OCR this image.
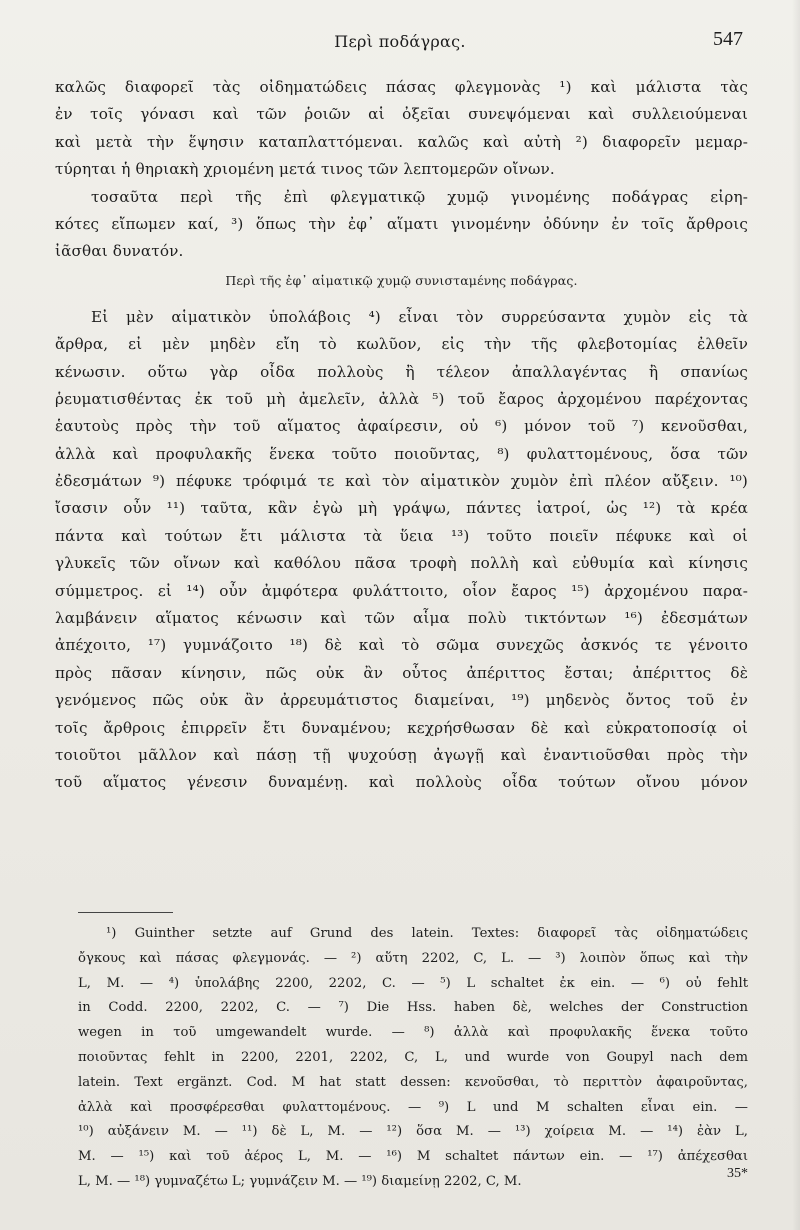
Περὶ ποδάγρας.	547
καλῶς διαφορεῖ τὰς οἰδηματώδεις πάσας φλεγμονὰς ¹) καὶ μάλιστα τὰς
ἐν τοῖς γόνασι καὶ τῶν ῥοιῶν αἱ ὀξεῖαι συνεψόμεναι καὶ συλλειούμεναι
καὶ μετὰ τὴν ἕψησιν καταπλαττόμεναι. καλῶς καὶ αὐτὴ ²) διαφορεῖν μεμαρ-
τύρηται ἡ θηριακὴ χριομένη μετά τινος τῶν λεπτομερῶν οἴνων.
τοσαῦτα περὶ τῆς ἐπὶ φλεγματικῷ χυμῷ γινομένης ποδάγρας εἰρη-
κότες εἴπωμεν καί, ³) ὅπως τὴν ἐφ᾽ αἵματι γινομένην ὀδύνην ἐν τοῖς ἄρθροις
ἰᾶσθαι δυνατόν.
Περὶ τῆς ἐφ᾽ αἱματικῷ χυμῷ συνισταμένης ποδάγρας.
Εἰ μὲν αἱματικὸν ὑπολάβοις ⁴) εἶναι τὸν συρρεύσαντα χυμὸν εἰς τὰ
ἄρθρα, εἰ μὲν μηδὲν εἴη τὸ κωλῦον, εἰς τὴν τῆς φλεβοτομίας ἐλθεῖν
κένωσιν. οὕτω γὰρ οἶδα πολλοὺς ἢ τέλεον ἀπαλλαγέντας ἢ σπανίως
ῥευματισθέντας ἐκ τοῦ μὴ ἀμελεῖν, ἀλλὰ ⁵) τοῦ ἔαρος ἀρχομένου παρέχοντας
ἑαυτοὺς πρὸς τὴν τοῦ αἵματος ἀφαίρεσιν, οὐ ⁶) μόνον τοῦ ⁷) κενοῦσθαι,
ἀλλὰ καὶ προφυλακῆς ἕνεκα τοῦτο ποιοῦντας, ⁸) φυλαττομένους, ὅσα τῶν
ἐδεσμάτων ⁹) πέφυκε τρόφιμά τε καὶ τὸν αἱματικὸν χυμὸν ἐπὶ πλέον αὔξειν. ¹⁰)
ἴσασιν οὖν ¹¹) ταῦτα, κἂν ἐγὼ μὴ γράψω, πάντες ἰατροί, ὡς ¹²) τὰ κρέα
πάντα καὶ τούτων ἔτι μάλιστα τὰ ὕεια ¹³) τοῦτο ποιεῖν πέφυκε καὶ οἱ
γλυκεῖς τῶν οἴνων καὶ καθόλου πᾶσα τροφὴ πολλὴ καὶ εὐθυμία καὶ κίνησις
σύμμετρος. εἰ ¹⁴) οὖν ἀμφότερα φυλάττοιτο, οἷον ἔαρος ¹⁵) ἀρχομένου παρα-
λαμβάνειν αἵματος κένωσιν καὶ τῶν αἷμα πολὺ τικτόντων ¹⁶) ἐδεσμάτων
ἀπέχοιτο, ¹⁷) γυμνάζοιτο ¹⁸) δὲ καὶ τὸ σῶμα συνεχῶς ἀσκνός τε γένοιτο
πρὸς πᾶσαν κίνησιν, πῶς οὐκ ἂν οὗτος ἀπέριττος ἔσται; ἀπέριττος δὲ
γενόμενος πῶς οὐκ ἂν ἀρρευμάτιστος διαμείναι, ¹⁹) μηδενὸς ὄντος τοῦ ἐν
τοῖς ἄρθροις ἐπιρρεῖν ἔτι δυναμένου; κεχρήσθωσαν δὲ καὶ εὐκρατοποσίᾳ οἱ
τοιοῦτοι μᾶλλον καὶ πάσῃ τῇ ψυχούσῃ ἀγωγῇ καὶ ἐναντιοῦσθαι πρὸς τὴν
τοῦ αἵματος γένεσιν δυναμένῃ. καὶ πολλοὺς οἶδα τούτων οἴνου μόνον
¹) Guinther setzte auf Grund des latein. Textes: διαφορεῖ τὰς οἰδηματώδεις
ὄγκους καὶ πάσας φλεγμονάς. — ²) αὕτη 2202, C, L. — ³) λοιπὸν ὅπως καὶ τὴν
L, M. — ⁴) ὑπολάβης 2200, 2202, C. — ⁵) L schaltet ἐκ ein. — ⁶) οὐ fehlt
in Codd. 2200, 2202, C. — ⁷) Die Hss. haben δὲ, welches der Construction
wegen in τοῦ umgewandelt wurde. — ⁸) ἀλλὰ καὶ προφυλακῆς ἕνεκα τοῦτο
ποιοῦντας fehlt in 2200, 2201, 2202, C, L, und wurde von Goupyl nach dem
latein. Text ergänzt. Cod. M hat statt dessen: κενοῦσθαι, τὸ περιττὸν ἀφαιροῦντας,
ἀλλὰ καὶ προσφέρεσθαι φυλαττομένους. — ⁹) L und M schalten εἶναι ein. —
¹⁰) αὐξάνειν M. — ¹¹) δὲ L, M. — ¹²) ὅσα M. — ¹³) χοίρεια M. — ¹⁴) ἐὰν L,
M. — ¹⁵) καὶ τοῦ ἀέρος L, M. — ¹⁶) M schaltet πάντων ein. — ¹⁷) ἀπέχεσθαι
L, M. — ¹⁸) γυμναζέτω L; γυμνάζειν M. — ¹⁹) διαμείνῃ 2202, C, M.
35*
